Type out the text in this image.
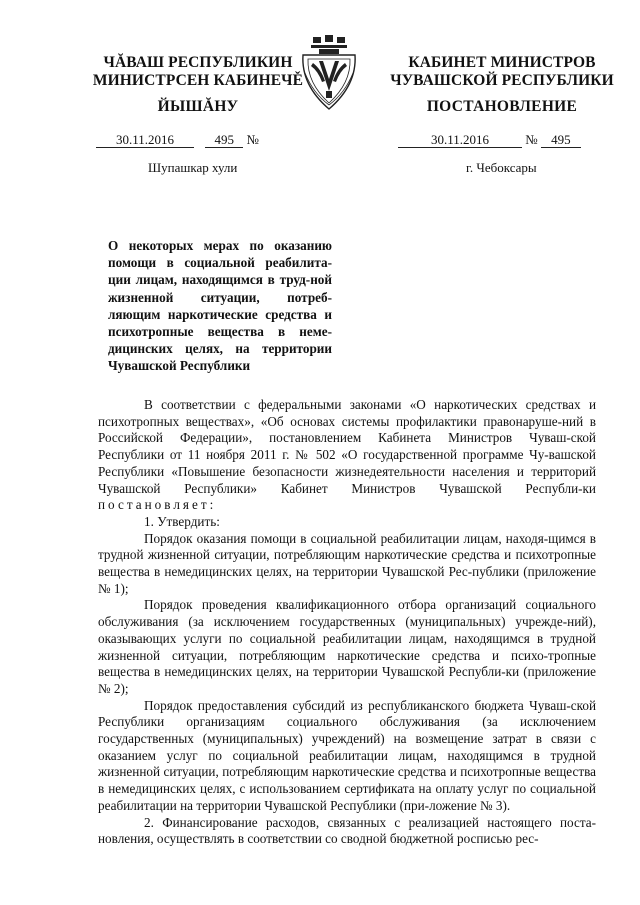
ЧĂВАШ РЕСПУБЛИКИН
МИНИСТРСЕН КАБИНЕЧĚ
ЙЫШĂНУ
КАБИНЕТ МИНИСТРОВ
ЧУВАШСКОЙ РЕСПУБЛИКИ
ПОСТАНОВЛЕНИЕ
30.11.2016	495 №	30.11.2016	№ 495
Шупашкар хули	г. Чебоксары
О некоторых мерах по оказанию помощи в социальной реабилита-ции лицам, находящимся в труд-ной жизненной ситуации, потреб-ляющим наркотические средства и психотропные вещества в неме-дицинских целях, на территории Чувашской Республики

В соответствии с федеральными законами «О наркотических средствах и психотропных веществах», «Об основах системы профилактики правонаруше-ний в Российской Федерации», постановлением Кабинета Министров Чуваш-ской Республики от 11 ноября 2011 г. № 502 «О государственной программе Чу-вашской Республики «Повышение безопасности жизнедеятельности населения и территорий Чувашской Республики» Кабинет Министров Чувашской Республи-ки постановляет:

1. Утвердить:

Порядок оказания помощи в социальной реабилитации лицам, находя-щимся в трудной жизненной ситуации, потребляющим наркотические средства и психотропные вещества в немедицинских целях, на территории Чувашской Рес-публики (приложение № 1);

Порядок проведения квалификационного отбора организаций социального обслуживания (за исключением государственных (муниципальных) учрежде-ний), оказывающих услуги по социальной реабилитации лицам, находящимся в трудной жизненной ситуации, потребляющим наркотические средства и психо-тропные вещества в немедицинских целях, на территории Чувашской Республи-ки (приложение № 2);

Порядок предоставления субсидий из республиканского бюджета Чуваш-ской Республики организациям социального обслуживания (за исключением государственных (муниципальных) учреждений) на возмещение затрат в связи с оказанием услуг по социальной реабилитации лицам, находящимся в трудной жизненной ситуации, потребляющим наркотические средства и психотропные вещества в немедицинских целях, с использованием сертификата на оплату услуг по социальной реабилитации на территории Чувашской Республики (при-ложение № 3).

2. Финансирование расходов, связанных с реализацией настоящего поста-новления, осуществлять в соответствии со сводной бюджетной росписью рес-
